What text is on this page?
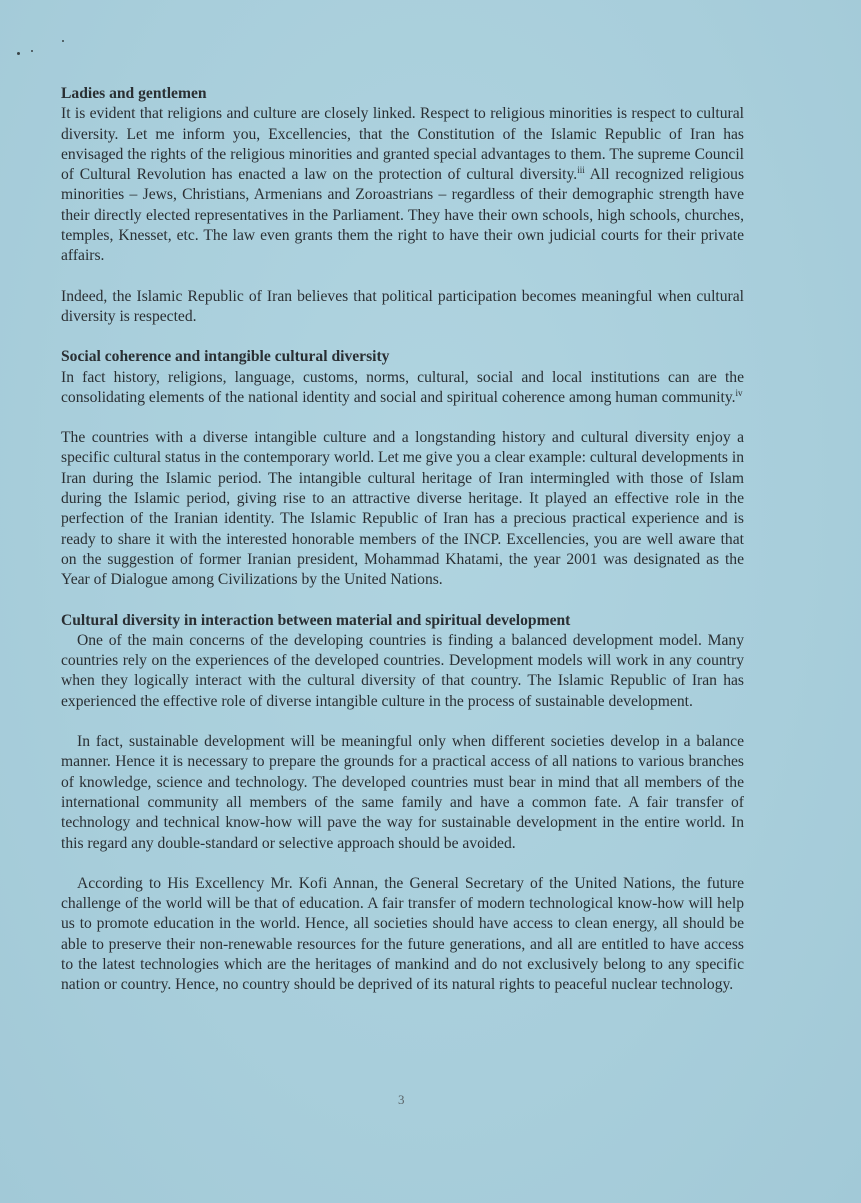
Ladies and gentlemen

It is evident that religions and culture are closely linked. Respect to religious minorities is respect to cultural diversity. Let me inform you, Excellencies, that the Constitution of the Islamic Republic of Iran has envisaged the rights of the religious minorities and granted special advantages to them. The supreme Council of Cultural Revolution has enacted a law on the protection of cultural diversity.$^{iii}$ All recognized religious minorities – Jews, Christians, Armenians and Zoroastrians – regardless of their demographic strength have their directly elected representatives in the Parliament. They have their own schools, high schools, churches, temples, Knesset, etc. The law even grants them the right to have their own judicial courts for their private affairs.

Indeed, the Islamic Republic of Iran believes that political participation becomes meaningful when cultural diversity is respected.

Social coherence and intangible cultural diversity

In fact history, religions, language, customs, norms, cultural, social and local institutions can are the consolidating elements of the national identity and social and spiritual coherence among human community.$^{iv}$

The countries with a diverse intangible culture and a longstanding history and cultural diversity enjoy a specific cultural status in the contemporary world. Let me give you a clear example: cultural developments in Iran during the Islamic period. The intangible cultural heritage of Iran intermingled with those of Islam during the Islamic period, giving rise to an attractive diverse heritage. It played an effective role in the perfection of the Iranian identity. The Islamic Republic of Iran has a precious practical experience and is ready to share it with the interested honorable members of the INCP. Excellencies, you are well aware that on the suggestion of former Iranian president, Mohammad Khatami, the year 2001 was designated as the Year of Dialogue among Civilizations by the United Nations.

Cultural diversity in interaction between material and spiritual development

One of the main concerns of the developing countries is finding a balanced development model. Many countries rely on the experiences of the developed countries. Development models will work in any country when they logically interact with the cultural diversity of that country. The Islamic Republic of Iran has experienced the effective role of diverse intangible culture in the process of sustainable development.

In fact, sustainable development will be meaningful only when different societies develop in a balance manner. Hence it is necessary to prepare the grounds for a practical access of all nations to various branches of knowledge, science and technology. The developed countries must bear in mind that all members of the international community all members of the same family and have a common fate. A fair transfer of technology and technical know-how will pave the way for sustainable development in the entire world. In this regard any double-standard or selective approach should be avoided.

According to His Excellency Mr. Kofi Annan, the General Secretary of the United Nations, the future challenge of the world will be that of education. A fair transfer of modern technological know-how will help us to promote education in the world. Hence, all societies should have access to clean energy, all should be able to preserve their non-renewable resources for the future generations, and all are entitled to have access to the latest technologies which are the heritages of mankind and do not exclusively belong to any specific nation or country. Hence, no country should be deprived of its natural rights to peaceful nuclear technology.

3
